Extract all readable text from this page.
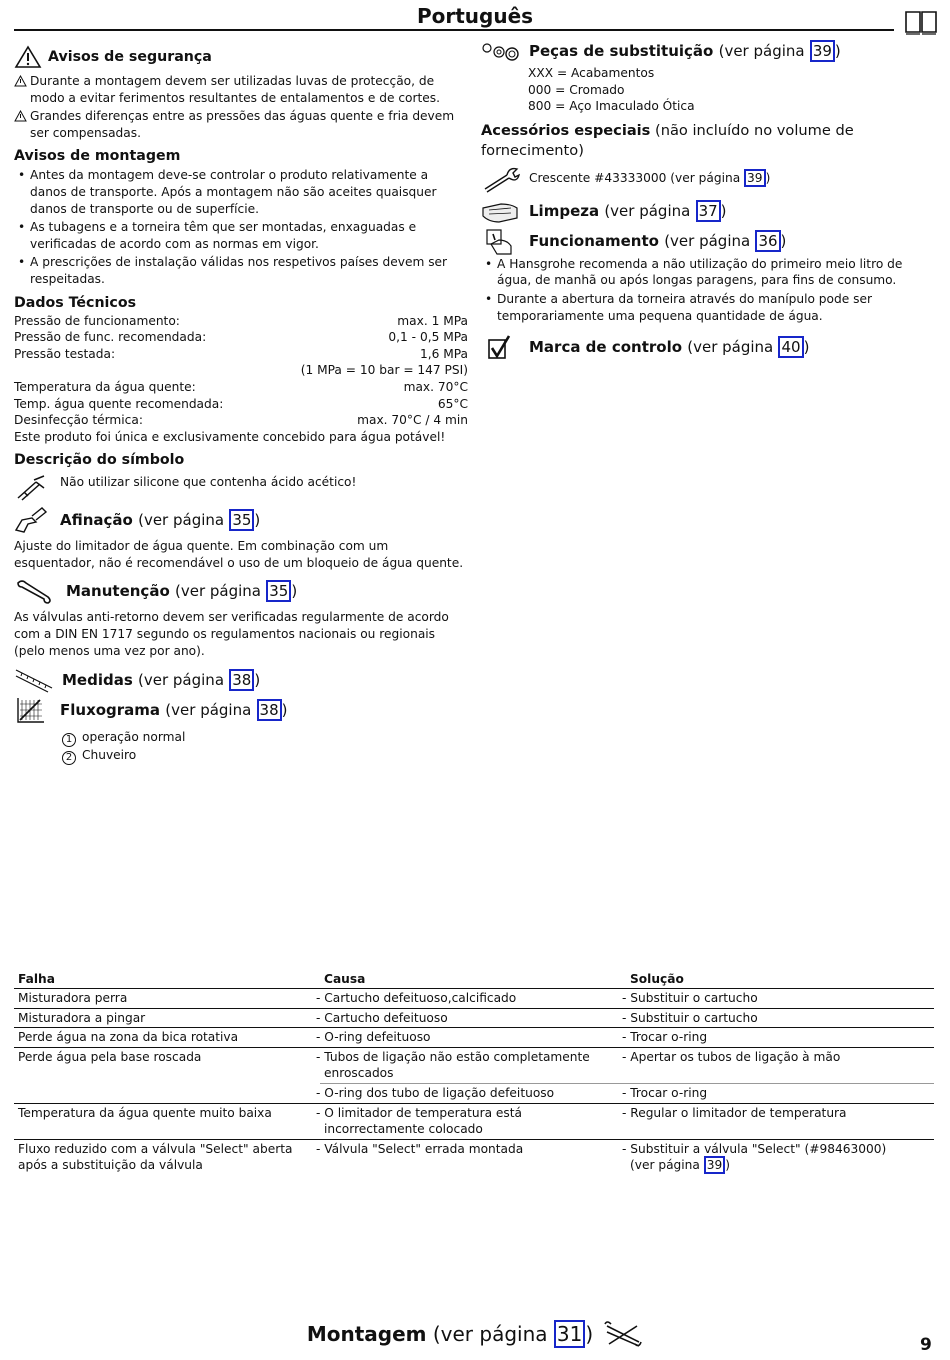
Português
Avisos de segurança
Durante a montagem devem ser utilizadas luvas de protecção, de modo a evitar ferimentos resultantes de entalamentos e de cortes.
Grandes diferenças entre as pressões das águas quente e fria devem ser compensadas.
Avisos de montagem
• Antes da montagem deve-se controlar o produto relativamente a danos de transporte. Após a montagem não são aceites quaisquer danos de transporte ou de superfície.
• As tubagens e a torneira têm que ser montadas, enxaguadas e verificadas de acordo com as normas em vigor.
• A prescrições de instalação válidas nos respetivos países devem ser respeitadas.
Dados Técnicos
Pressão de funcionamento:	max. 1 MPa
Pressão de func. recomendada:	0,1 - 0,5 MPa
Pressão testada:	1,6 MPa
(1 MPa = 10 bar = 147 PSI)
Temperatura da água quente:	max. 70°C
Temp. água quente recomendada:	65°C
Desinfecção térmica:	max. 70°C / 4 min
Este produto foi única e exclusivamente concebido para água potável!
Descrição do símbolo
Não utilizar silicone que contenha ácido acético!
Afinação (ver página 35 )
Ajuste do limitador de água quente. Em combinação com um esquentador, não é recomendável o uso de um bloqueio de água quente.
Manutenção (ver página 35 )
As válvulas anti-retorno devem ser verificadas regularmente de acordo com a DIN EN 1717 segundo os regulamentos nacionais ou regionais (pelo menos uma vez por ano).
Medidas (ver página 38 )
Fluxograma (ver página 38 )
1 operação normal
2 Chuveiro
Peças de substituição (ver página 39 )
XXX = Acabamentos
000 = Cromado
800 = Aço Imaculado Ótica
Acessórios especiais (não incluído no volume de fornecimento)
Crescente #43333000 (ver página 39 )
Limpeza (ver página 37 )
Funcionamento (ver página 36 )
• A Hansgrohe recomenda a não utilização do primeiro meio litro de água, de manhã ou após longas paragens, para fins de consumo.
• Durante a abertura da torneira através do manípulo pode ser temporariamente uma pequena quantidade de água.
Marca de controlo (ver página 40 )
Falha	Causa	Solução
Misturadora perra	- Cartucho defeituoso,calcificado	- Substituir o cartucho
Misturadora a pingar	- Cartucho defeituoso	- Substituir o cartucho
Perde água na zona da bica rotativa	- O-ring defeituoso	- Trocar o-ring
Perde água pela base roscada	- Tubos de ligação não estão completamente enroscados	- Apertar os tubos de ligação à mão
	- O-ring dos tubo de ligação defeituoso	- Trocar o-ring
Temperatura da água quente muito baixa	- O limitador de temperatura está incorrectamente colocado	- Regular o limitador de temperatura
Fluxo reduzido com a válvula "Select" aberta após a substituição da válvula	- Válvula "Select" errada montada	- Substituir a válvula "Select" (#98463000)
(ver página 39 )
Montagem (ver página 31 )	9
